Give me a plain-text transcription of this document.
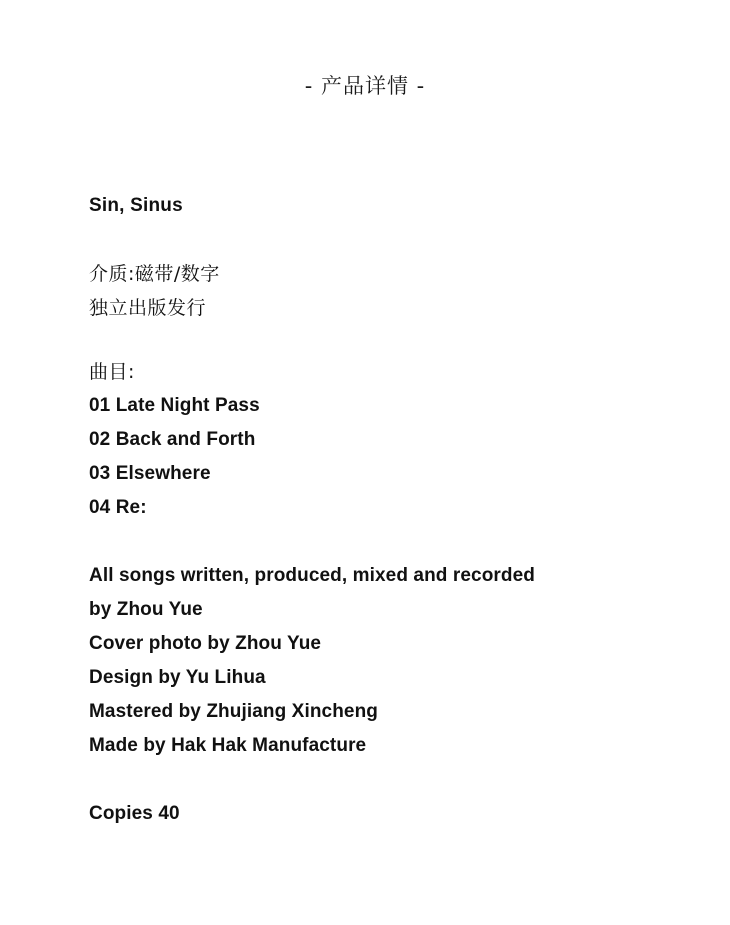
- 产品详情 -
Sin, Sinus
介质:磁带/数字
独立出版发行
曲目:
01 Late Night Pass
02 Back and Forth
03 Elsewhere
04 Re:
All songs written, produced, mixed and recorded
by Zhou Yue
Cover photo by Zhou Yue
Design by Yu Lihua
Mastered by Zhujiang Xincheng
Made by Hak Hak Manufacture
Copies 40
